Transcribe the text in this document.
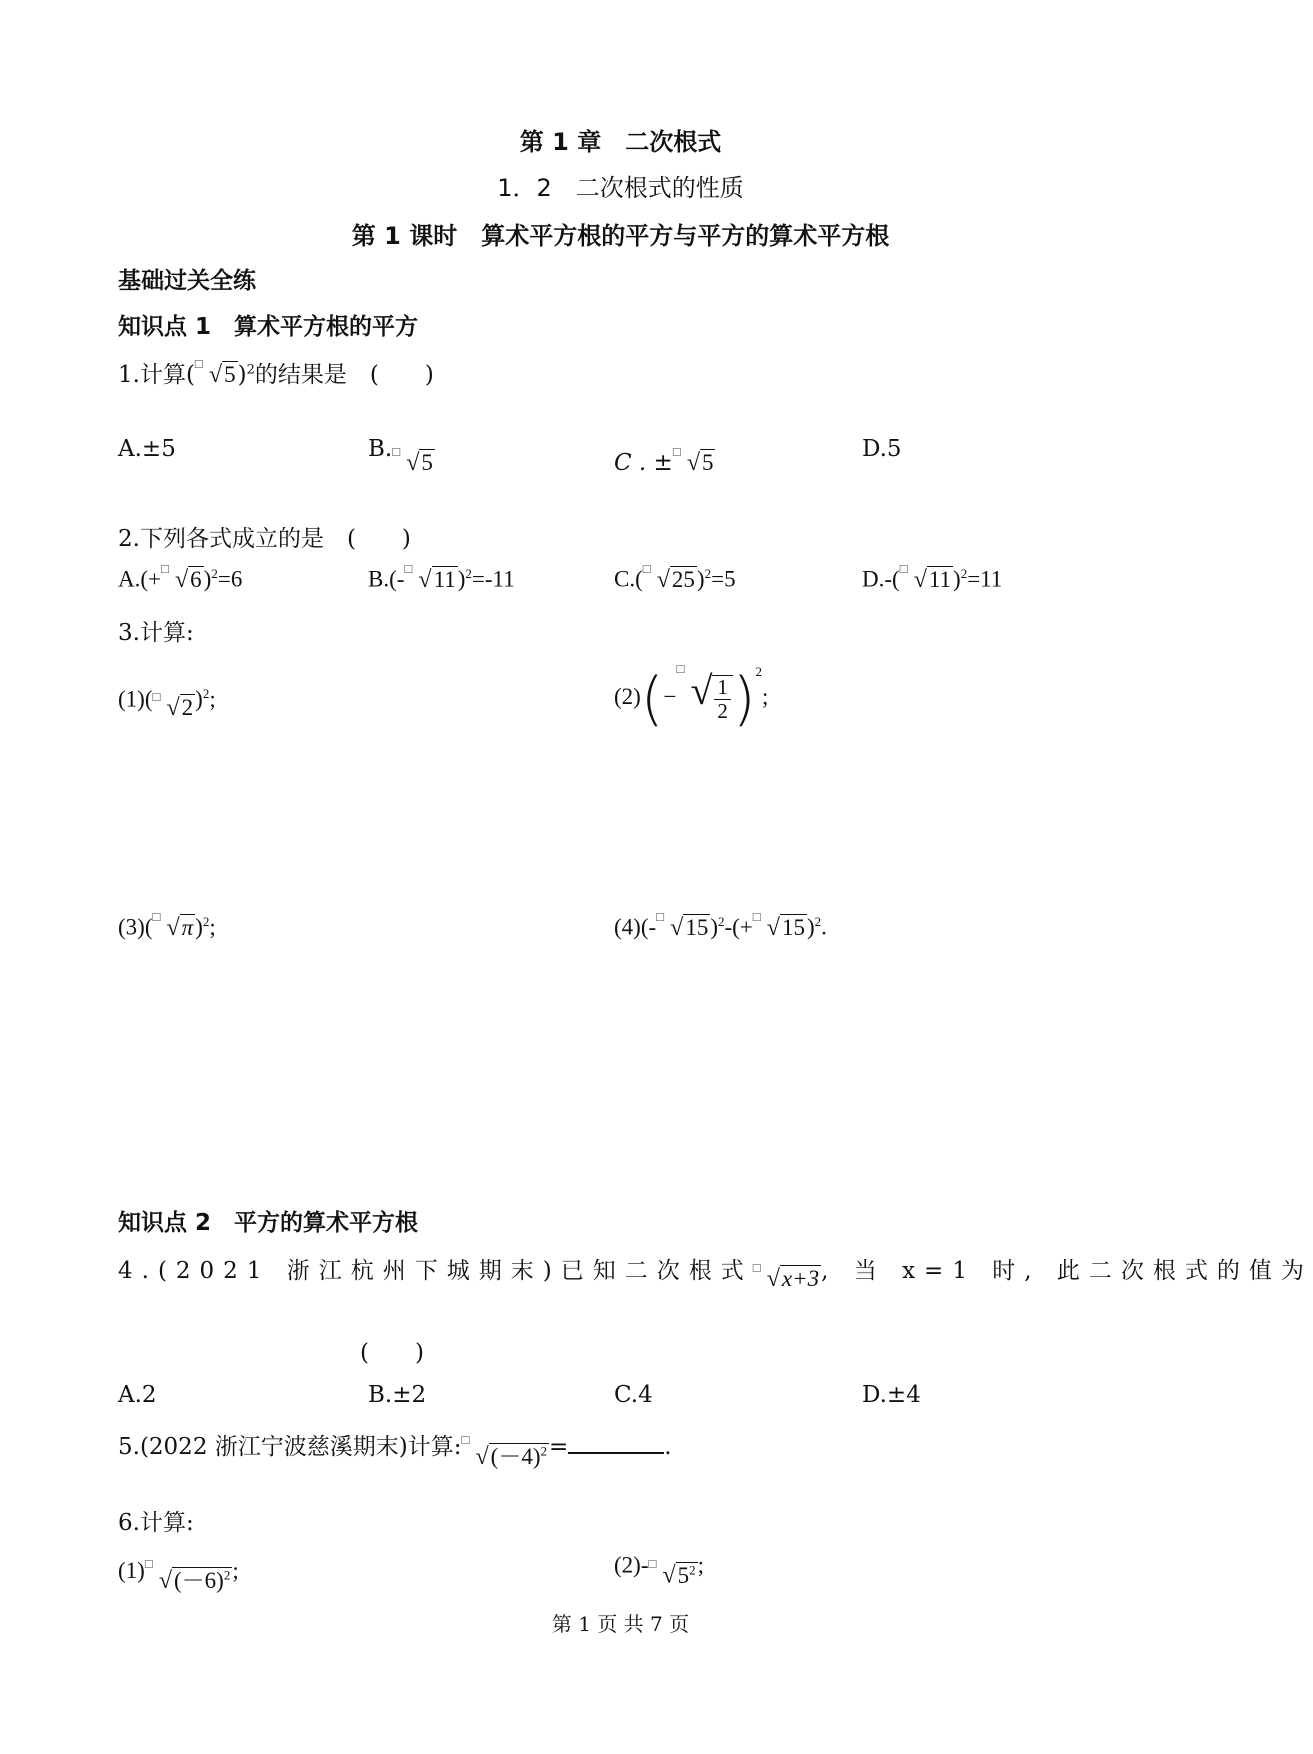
第 1 章　二次根式
1．2　二次根式的性质
第 1 课时　算术平方根的平方与平方的算术平方根
基础过关全练
知识点 1　算术平方根的平方
1.计算( □ √5)$^2$的结果是　(　　)
A.±5	B. □ √5	C . ± □ √5
D.5
2.下列各式成立的是　(　　)
A.(+ □ √6)$^2$=6	B.(- □ √11)$^2$=-11	C.( □ √25)$^2$=5	D.-( □ √11)$^2$=11
3.计算:
(1)( □ √2)$^2$;	(2)(−
□ √ $\frac{1}{2} )^2$;
(3)( □ √π)$^2$;	(4)(- □ √15)$^2$-(+ □ √15)$^2$.
知识点 2　平方的算术平方根
4.(2021 浙江杭州下城期末)已知二次根式 □ √x+3, 当 x=1 时, 此二次根式的值为
(　　)
A.2	B.±2	C.4	D.±4
5.(2022 浙江宁波慈溪期末)计算: □
$√(-4)^2=$	.
6.计算:
(1) □
$√(-6)^2$;	(2)- □ $√5^2$;
第 1 页 共 7 页
